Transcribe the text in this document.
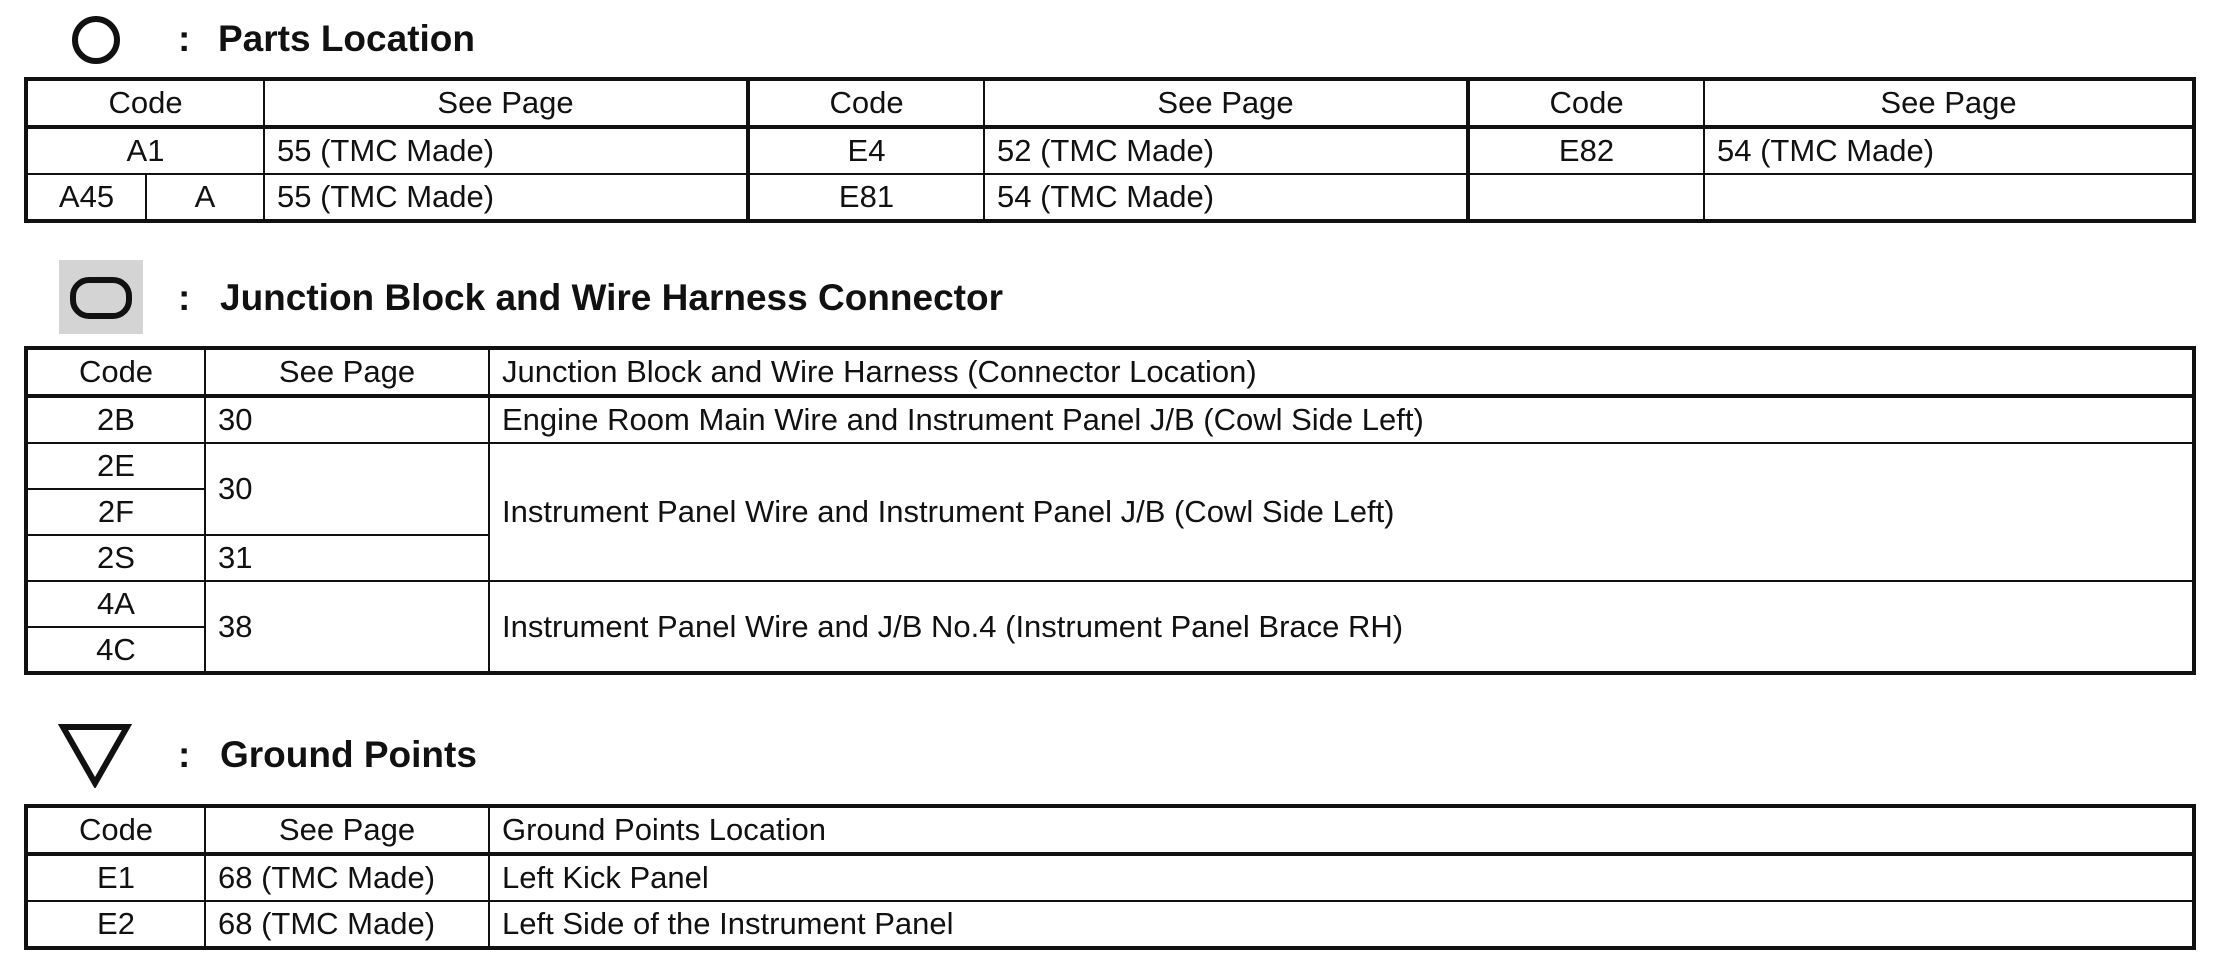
: Parts Location
Code		See Page	Code	See Page	Code	See Page
A1		55 (TMC Made)	E4	52 (TMC Made)	E82	54 (TMC Made)
A45	A	55 (TMC Made)	E81	54 (TMC Made)		
: Junction Block and Wire Harness Connector
Code	See Page	Junction Block and Wire Harness (Connector Location)
2B	30	Engine Room Main Wire and Instrument Panel J/B (Cowl Side Left)
2E	30	Instrument Panel Wire and Instrument Panel J/B (Cowl Side Left)
2F		
2S	31	
4A	38	Instrument Panel Wire and J/B No.4 (Instrument Panel Brace RH)
4C		
: Ground Points
Code	See Page	Ground Points Location
E1	68 (TMC Made)	Left Kick Panel
E2	68 (TMC Made)	Left Side of the Instrument Panel
